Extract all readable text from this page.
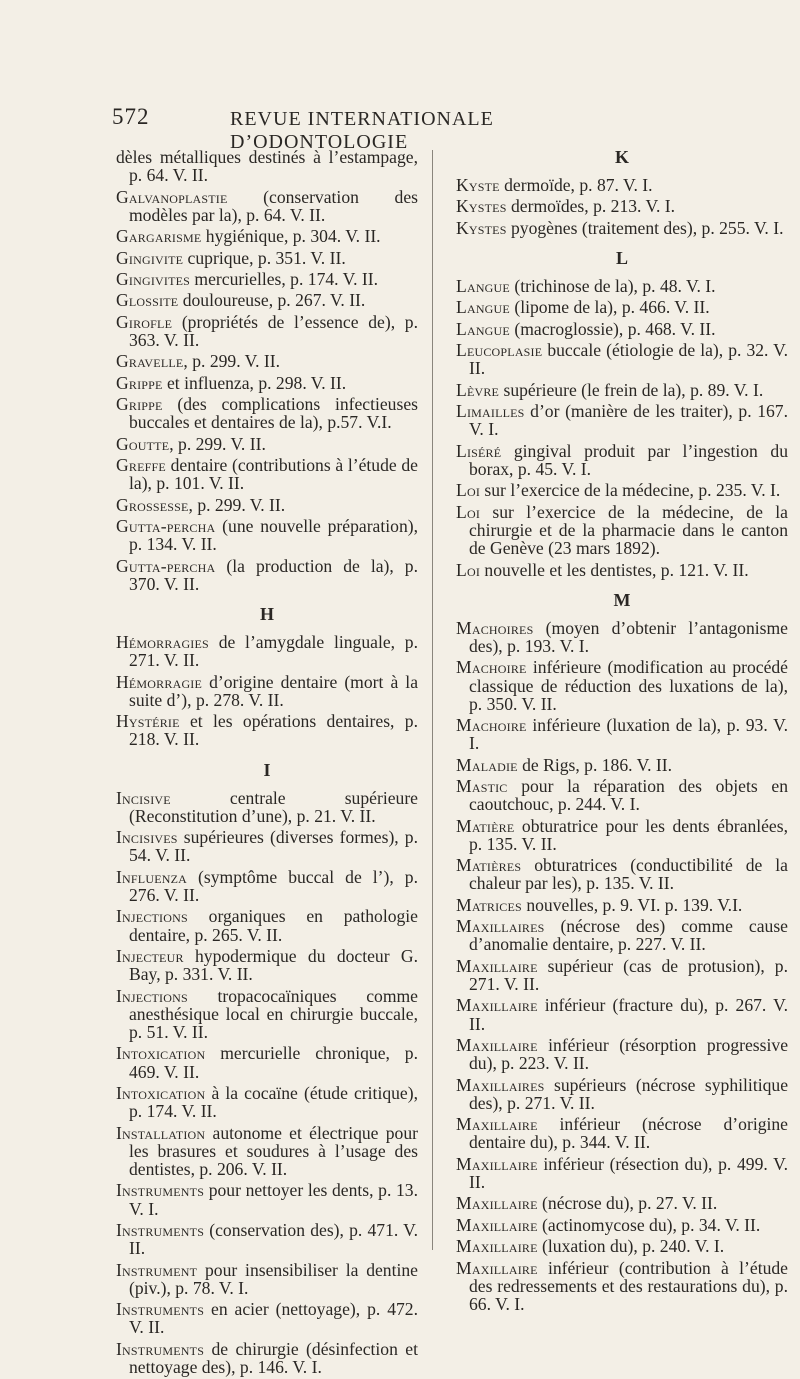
572	REVUE INTERNATIONALE D’ODONTOLOGIE
dèles métalliques destinés à l’estampage, p. 64. V. II.
Galvanoplastie (conservation des modèles par la), p. 64. V. II.
Gargarisme hygiénique, p. 304. V. II.
Gingivite cuprique, p. 351. V. II.
Gingivites mercurielles, p. 174. V. II.
Glossite douloureuse, p. 267. V. II.
Girofle (propriétés de l’essence de), p. 363. V. II.
Gravelle, p. 299. V. II.
Grippe et influenza, p. 298. V. II.
Grippe (des complications infectieuses buccales et dentaires de la), p.57. V.I.
Goutte, p. 299. V. II.
Greffe dentaire (contributions à l’étude de la), p. 101. V. II.
Grossesse, p. 299. V. II.
Gutta-percha (une nouvelle préparation), p. 134. V. II.
Gutta-percha (la production de la), p. 370. V. II.
H
Hémorragies de l’amygdale linguale, p. 271. V. II.
Hémorragie d’origine dentaire (mort à la suite d’), p. 278. V. II.
Hystérie et les opérations dentaires, p. 218. V. II.
I
Incisive centrale supérieure (Reconstitution d’une), p. 21. V. II.
Incisives supérieures (diverses formes), p. 54. V. II.
Influenza (symptôme buccal de l’), p. 276. V. II.
Injections organiques en pathologie dentaire, p. 265. V. II.
Injecteur hypodermique du docteur G. Bay, p. 331. V. II.
Injections tropacocaïniques comme anesthésique local en chirurgie buccale, p. 51. V. II.
Intoxication mercurielle chronique, p. 469. V. II.
Intoxication à la cocaïne (étude critique), p. 174. V. II.
Installation autonome et électrique pour les brasures et soudures à l’usage des dentistes, p. 206. V. II.
Instruments pour nettoyer les dents, p. 13. V. I.
Instruments (conservation des), p. 471. V. II.
Instrument pour insensibiliser la dentine (piv.), p. 78. V. I.
Instruments en acier (nettoyage), p. 472. V. II.
Instruments de chirurgie (désinfection et nettoyage des), p. 146. V. I.
K
Kyste dermoïde, p. 87. V. I.
Kystes dermoïdes, p. 213. V. I.
Kystes pyogènes (traitement des), p. 255. V. I.
L
Langue (trichinose de la), p. 48. V. I.
Langue (lipome de la), p. 466. V. II.
Langue (macroglossie), p. 468. V. II.
Leucoplasie buccale (étiologie de la), p. 32. V. II.
Lèvre supérieure (le frein de la), p. 89. V. I.
Limailles d’or (manière de les traiter), p. 167. V. I.
Liséré gingival produit par l’ingestion du borax, p. 45. V. I.
Loi sur l’exercice de la médecine, p. 235. V. I.
Loi sur l’exercice de la médecine, de la chirurgie et de la pharmacie dans le canton de Genève (23 mars 1892).
Loi nouvelle et les dentistes, p. 121. V. II.
M
Machoires (moyen d’obtenir l’antagonisme des), p. 193. V. I.
Machoire inférieure (modification au procédé classique de réduction des luxations de la), p. 350. V. II.
Machoire inférieure (luxation de la), p. 93. V. I.
Maladie de Rigs, p. 186. V. II.
Mastic pour la réparation des objets en caoutchouc, p. 244. V. I.
Matière obturatrice pour les dents ébranlées, p. 135. V. II.
Matières obturatrices (conductibilité de la chaleur par les), p. 135. V. II.
Matrices nouvelles, p. 9. VI. p. 139. V.I.
Maxillaires (nécrose des) comme cause d’anomalie dentaire, p. 227. V. II.
Maxillaire supérieur (cas de protusion), p. 271. V. II.
Maxillaire inférieur (fracture du), p. 267. V. II.
Maxillaire inférieur (résorption progressive du), p. 223. V. II.
Maxillaires supérieurs (nécrose syphilitique des), p. 271. V. II.
Maxillaire inférieur (nécrose d’origine dentaire du), p. 344. V. II.
Maxillaire inférieur (résection du), p. 499. V. II.
Maxillaire (nécrose du), p. 27. V. II.
Maxillaire (actinomycose du), p. 34. V. II.
Maxillaire (luxation du), p. 240. V. I.
Maxillaire inférieur (contribution à l’étude des redressements et des restaurations du), p. 66. V. I.
